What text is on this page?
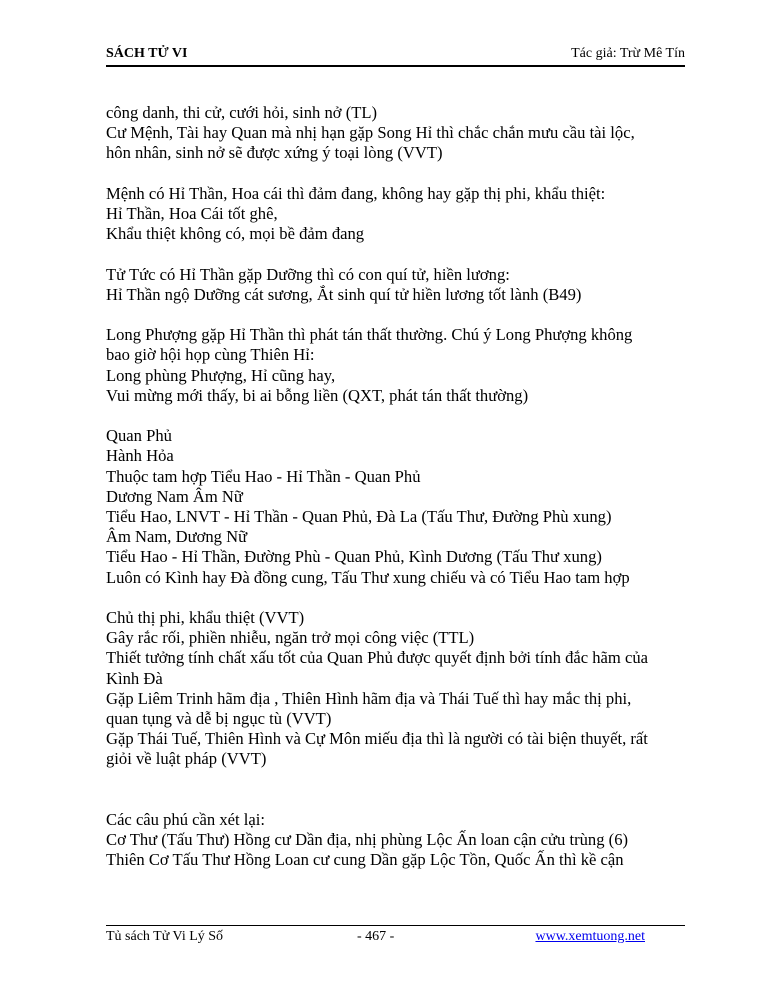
SÁCH TỬ VI	Tác giả: Trừ Mê Tín

công danh, thi cử, cưới hỏi, sinh nở (TL)

Cư Mệnh, Tài hay Quan mà nhị hạn gặp Song Hỉ thì chắc chắn mưu cầu tài lộc,

hôn nhân, sinh nở sẽ được xứng ý toại lòng (VVT)

Mệnh có Hỉ Thần, Hoa cái thì đảm đang, không hay gặp thị phi, khẩu thiệt:

Hỉ Thần, Hoa Cái tốt ghê,

Khẩu thiệt không có, mọi bề đảm đang

Tử Tức có Hỉ Thần gặp Dưỡng thì có con quí tử, hiền lương:

Hỉ Thần ngộ Dưỡng cát sương, Ắt sinh quí tử hiền lương tốt lành (B49)

Long Phượng gặp Hỉ Thần thì phát tán thất thường. Chú ý Long Phượng không

bao giờ hội họp cùng Thiên Hỉ:

Long phùng Phượng, Hỉ cũng hay,

Vui mừng mới thấy, bi ai bỗng liền (QXT, phát tán thất thường)

Quan Phủ

Hành Hỏa

Thuộc tam hợp Tiểu Hao - Hỉ Thần - Quan Phủ

Dương Nam Âm Nữ

Tiểu Hao, LNVT - Hỉ Thần - Quan Phủ, Đà La (Tấu Thư, Đường Phù xung)

Âm Nam, Dương Nữ

Tiểu Hao - Hỉ Thần, Đường Phù - Quan Phủ, Kình Dương (Tấu Thư xung)

Luôn có Kình hay Đà đồng cung, Tấu Thư xung chiếu và có Tiểu Hao tam hợp

Chủ thị phi, khẩu thiệt (VVT)

Gây rắc rối, phiền nhiễu, ngăn trở mọi công việc (TTL)

Thiết tưởng tính chất xấu tốt của Quan Phủ được quyết định bởi tính đắc hãm của

Kình Đà

Gặp Liêm Trinh hãm địa , Thiên Hình hãm địa và Thái Tuế thì hay mắc thị phi,

quan tụng và dễ bị ngục tù (VVT)

Gặp Thái Tuế, Thiên Hình và Cự Môn miếu địa thì là người có tài biện thuyết, rất

giỏi về luật pháp (VVT)

Các câu phú cần xét lại:

Cơ Thư (Tấu Thư) Hồng cư Dần địa, nhị phùng Lộc Ấn loan cận cửu trùng (6)

Thiên Cơ Tấu Thư Hồng Loan cư cung Dần gặp Lộc Tồn, Quốc Ấn thì kề cận

Tủ sách Tử Vi Lý Số	- 467 -	www.xemtuong.net
